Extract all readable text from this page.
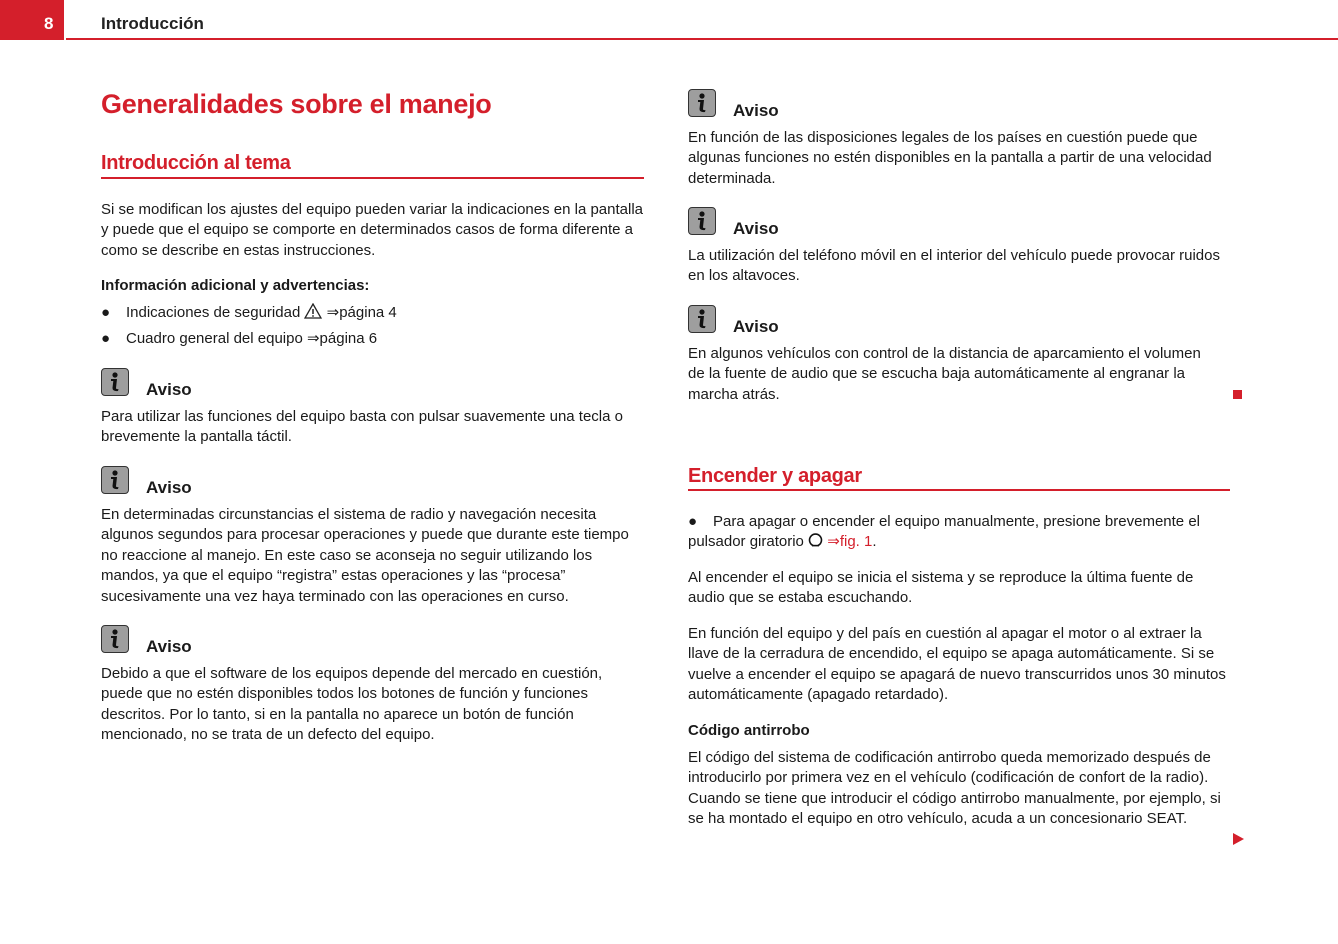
8	Introducción
Generalidades sobre el manejo
Introducción al tema

Si se modifican los ajustes del equipo pueden variar la indicaciones en la pantalla y puede que el equipo se comporte en determinados casos de forma diferente a como se describe en estas instrucciones.

Información adicional y advertencias:
● Indicaciones de seguridad ⇒página 4
● Cuadro general del equipo ⇒página 6
Aviso

Para utilizar las funciones del equipo basta con pulsar suavemente una tecla o brevemente la pantalla táctil.

Aviso

En determinadas circunstancias el sistema de radio y navegación necesita algunos segundos para procesar operaciones y puede que durante este tiempo no reaccione al manejo. En este caso se aconseja no seguir utilizando los mandos, ya que el equipo “registra” estas operaciones y las “procesa” sucesivamente una vez haya terminado con las operaciones en curso.

Aviso

Debido a que el software de los equipos depende del mercado en cuestión, puede que no estén disponibles todos los botones de función y funciones descritos. Por lo tanto, si en la pantalla no aparece un botón de función mencionado, no se trata de un defecto del equipo.

Aviso

En función de las disposiciones legales de los países en cuestión puede que algunas funciones no estén disponibles en la pantalla a partir de una velocidad determinada.

Aviso

La utilización del teléfono móvil en el interior del vehículo puede provocar ruidos en los altavoces.

Aviso

En algunos vehículos con control de la distancia de aparcamiento el volumen de la fuente de audio que se escucha baja automáticamente al engranar la marcha atrás.

Encender y apagar

● Para apagar o encender el equipo manualmente, presione brevemente el pulsador giratorio ⇒fig. 1.

Al encender el equipo se inicia el sistema y se reproduce la última fuente de audio que se estaba escuchando.

En función del equipo y del país en cuestión al apagar el motor o al extraer la llave de la cerradura de encendido, el equipo se apaga automáticamente. Si se vuelve a encender el equipo se apagará de nuevo transcurridos unos 30 minutos automáticamente (apagado retardado).

Código antirrobo

El código del sistema de codificación antirrobo queda memorizado después de introducirlo por primera vez en el vehículo (codificación de confort de la radio). Cuando se tiene que introducir el código antirrobo manualmente, por ejemplo, si se ha montado el equipo en otro vehículo, acuda a un concesionario SEAT.
